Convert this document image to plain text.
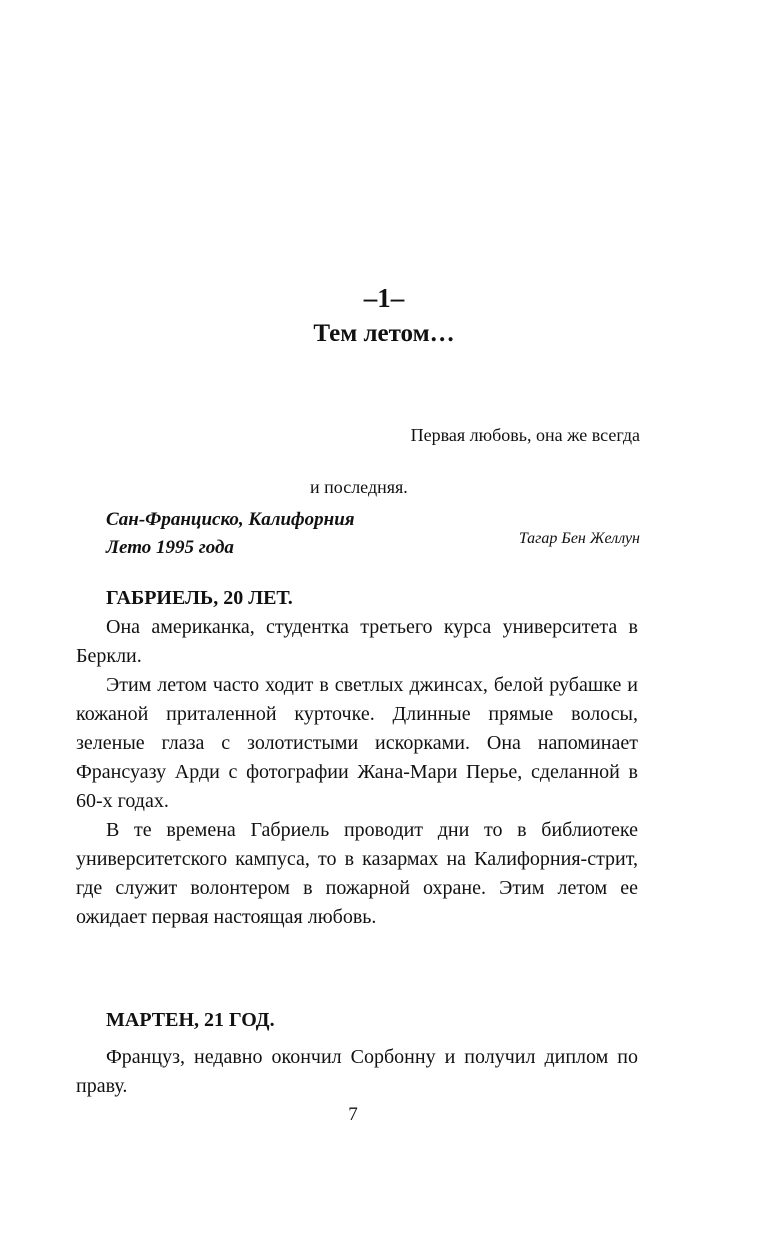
–1–
Тем летом…

Первая любовь, она же всегда

и последняя.

Тагар Бен Желлун
Сан-Франциско, Калифорния
Лето 1995 года
ГАБРИЕЛЬ, 20 ЛЕТ.

Она американка, студентка третьего курса университета в Беркли.

Этим летом часто ходит в светлых джинсах, белой рубашке и кожаной приталенной курточке. Длинные прямые волосы, зеленые глаза с золотистыми искорками. Она напоминает Франсуазу Арди с фотографии Жана-Мари Перье, сделанной в 60-х годах.

В те времена Габриель проводит дни то в библиотеке университетского кампуса, то в казармах на Калифорния-стрит, где служит волонтером в пожарной охране. Этим летом ее ожидает первая настоящая любовь.

МАРТЕН, 21 ГОД.

Француз, недавно окончил Сорбонну и получил диплом по праву.

7
